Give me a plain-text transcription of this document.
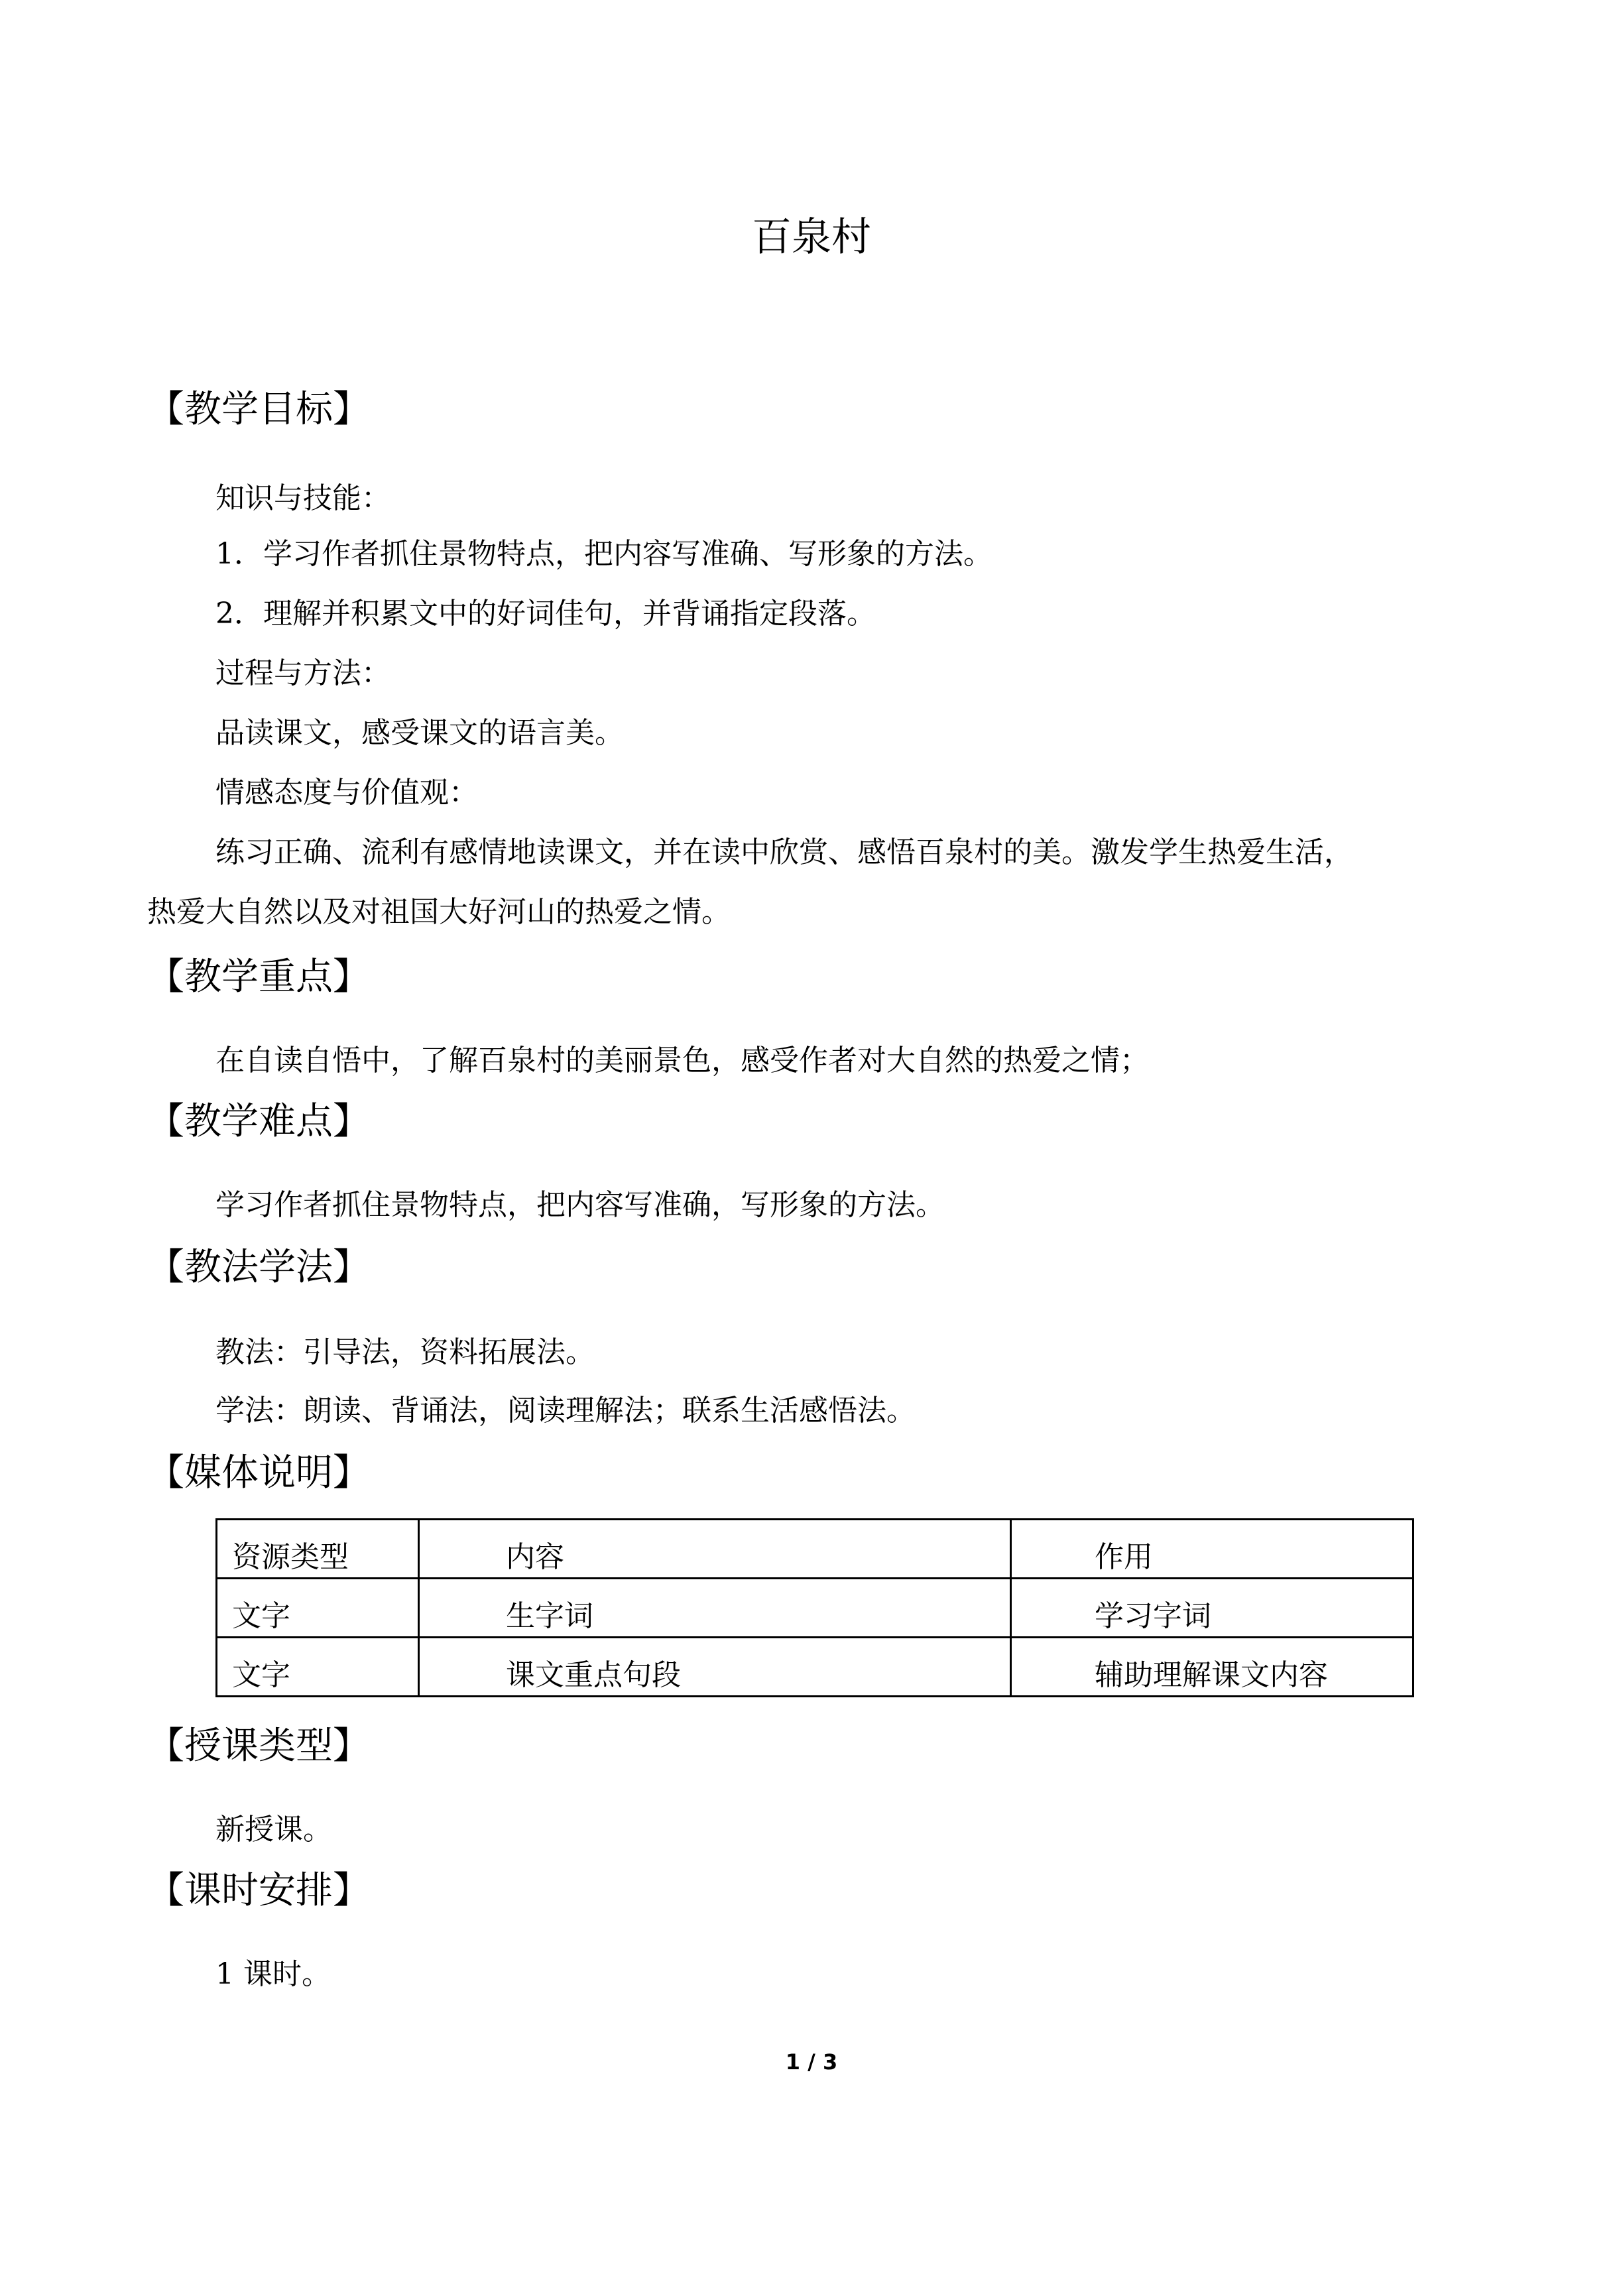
百泉村
【教学目标】
知识与技能：
1．学习作者抓住景物特点，把内容写准确、写形象的方法。
2．理解并积累文中的好词佳句，并背诵指定段落。
过程与方法：
品读课文，感受课文的语言美。
情感态度与价值观：
练习正确、流利有感情地读课文，并在读中欣赏、感悟百泉村的美。激发学生热爱生活，
热爱大自然以及对祖国大好河山的热爱之情。
【教学重点】
在自读自悟中，了解百泉村的美丽景色，感受作者对大自然的热爱之情；
【教学难点】
学习作者抓住景物特点，把内容写准确，写形象的方法。
【教法学法】
教法：引导法，资料拓展法。
学法：朗读、背诵法，阅读理解法；联系生活感悟法。
【媒体说明】
资源类型	内容	作用
文字	生字词	学习字词
文字	课文重点句段	辅助理解课文内容
【授课类型】
新授课。
【课时安排】
1 课时。
1 / 3
